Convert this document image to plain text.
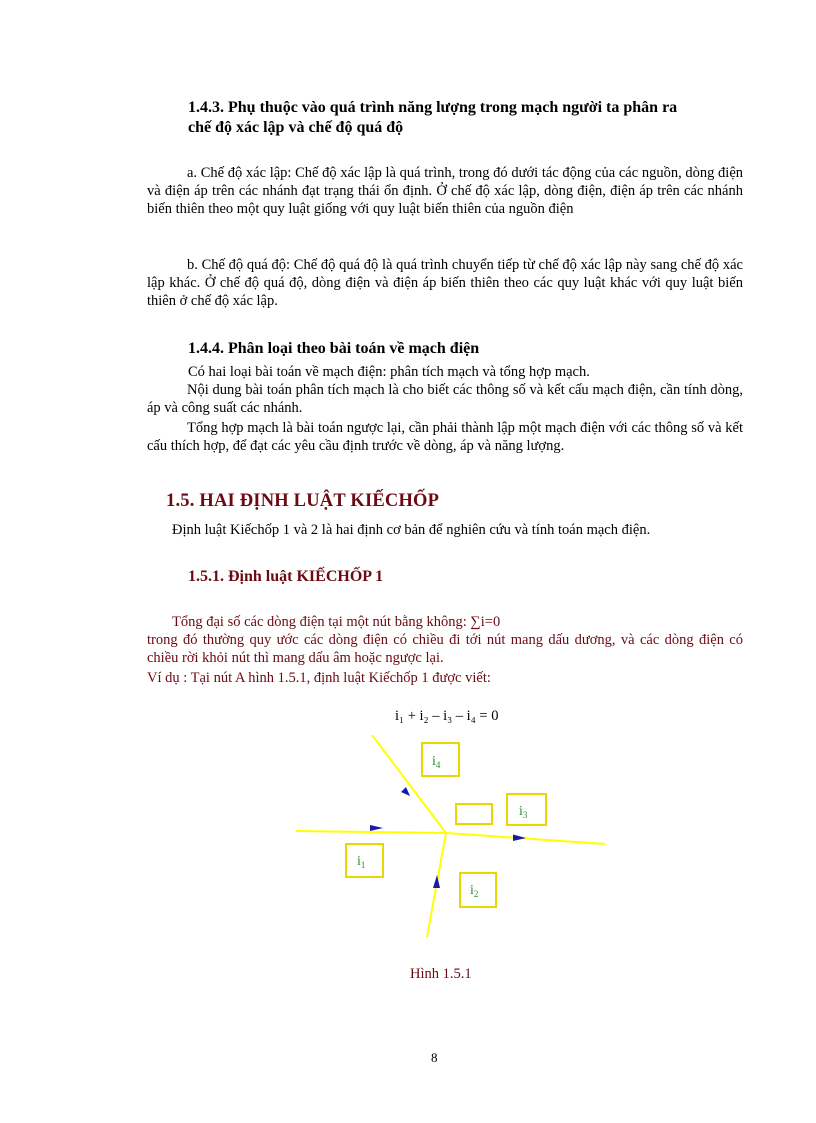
1.4.3. Phụ thuộc vào quá trình năng lượng trong mạch người ta phân ra
chế độ xác lập và chế độ quá độ
a. Chế độ xác lập: Chế độ xác lập là quá trình, trong đó dưới tác động của các nguồn, dòng điện và điện áp trên các nhánh đạt trạng thái ổn định. Ở chế độ xác lập, dòng điện, điện áp trên các nhánh biến thiên theo một quy luật giống với quy luật biến thiên của nguồn điện
b. Chế độ quá độ: Chế độ quá độ là quá trình chuyển tiếp từ chế độ xác lập này sang chế độ xác lập khác. Ở chế độ quá độ, dòng điện và điện áp biến thiên theo các quy luật khác với quy luật biến thiên ở chế độ xác lập.
1.4.4. Phân loại theo bài toán về mạch điện
Có hai loại bài toán về mạch điện: phân tích mạch và tổng hợp mạch.
Nội dung bài toán phân tích mạch là cho biết các thông số và kết cấu mạch điện, cần tính dòng, áp và công suất các nhánh.
Tổng hợp mạch là bài toán ngược lại, cần phải thành lập một mạch điện với các thông số và kết cấu thích hợp, để đạt các yêu cầu định trước về dòng, áp và năng lượng.
1.5. HAI ĐỊNH LUẬT KIẾCHỐP
Định luật Kiếchốp 1 và 2 là hai định cơ bản để nghiên cứu và tính toán mạch điện.
1.5.1. Định luật KIẾCHỐP 1
Tổng đại số các dòng điện tại một nút bằng không: ∑i=0
trong đó thường quy ước các dòng điện có chiều đi tới nút mang dấu dương, và các dòng điện có chiều rời khỏi nút thì mang dấu âm hoặc ngược lại.
Ví dụ : Tại nút A hình 1.5.1, định luật Kiếchốp 1 được viết:
i₁ + i₂ – i₃ – i₄ = 0
$i_4$
$i_3$
$i_1$
$i_2$
Hình 1.5.1
8
